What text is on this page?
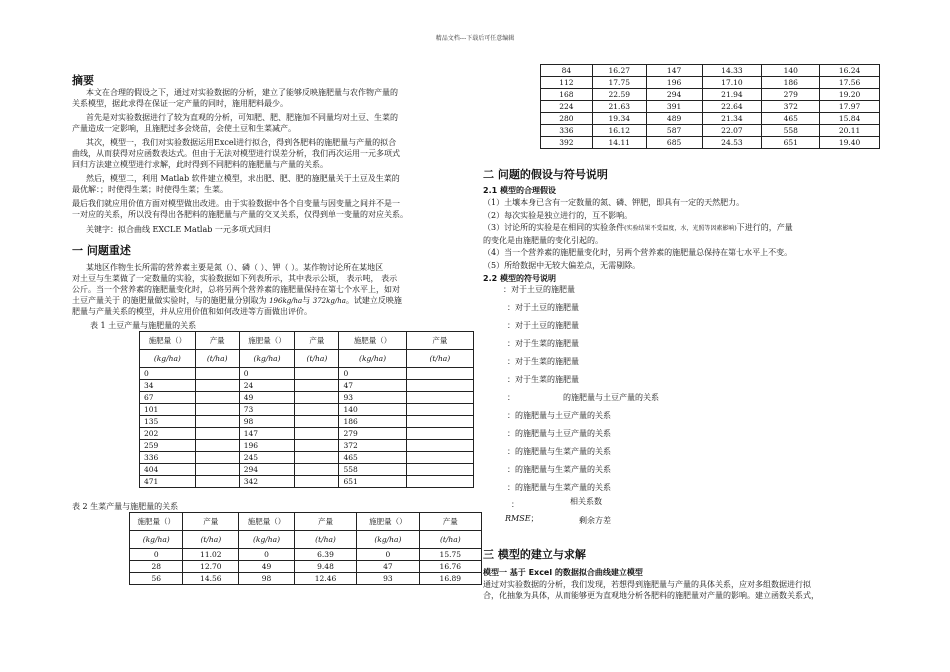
精品文档---下载后可任意编辑
摘要
本文在合理的假设之下，通过对实验数据的分析，建立了能够反映施肥量与农作物产量的
关系模型，据此求得在保证一定产量的同时，施用肥料最少。
首先是对实验数据进行了较为直观的分析，可知肥、肥、肥施加不同量均对土豆、生菜的
产量造成一定影响，且施肥过多会烧苗，会使土豆和生菜减产。
其次，模型一，我们对实验数据运用Excel进行拟合，得到各肥料的施肥量与产量的拟合
曲线，从而获得对应函数表达式。但由于无法对模型进行误差分析，我们再次运用一元多项式
回归方法建立模型进行求解，此时得到不同肥料的施肥量与产量的关系。
然后，模型二，利用 Matlab 软件建立模型，求出肥、肥、肥的施肥量关于土豆及生菜的
最优解：；时使得生菜；时使得生菜；生菜。
最后我们就应用价值方面对模型做出改进。由于实验数据中各个自变量与因变量之间并不是一
一对应的关系，所以没有得出各肥料的施肥量与产量的交叉关系，仅得到单一变量的对应关系。
关键字：拟合曲线 EXCLE Matlab 一元多项式回归
一 问题重述
某地区作物生长所需的营养素主要是氮（）、磷（ ）、钾（ ）。某作物讨论所在某地区
对土豆与生菜做了一定数量的实验，实验数据如下列表所示，其中表示公顷， 表示吨， 表示
公斤。当一个营养素的施肥量变化时，总将另两个营养素的施肥量保持在第七个水平上，如对
土豆产量关于 的施肥量做实验时，与的施肥量分别取为 196kg/ha与 372kg/ha。试建立反映施
肥量与产量关系的模型，并从应用价值和如何改进等方面做出评价。
表 1 土豆产量与施肥量的关系
施肥量（）	产量	施肥量（）	产量	施肥量（）	产量
(kg/ha)	(t/ha)	(kg/ha)	(t/ha)	(kg/ha)	(t/ha)
0		0		0	
34		24		47	
67		49		93	
101		73		140	
135		98		186	
202		147		279	
259		196		372	
336		245		465	
404		294		558	
471		342		651	
表 2 生菜产量与施肥量的关系
施肥量（）	产量	施肥量（）	产量	施肥量（）	产量
(kg/ha)	(t/ha)	(kg/ha)	(t/ha)	(kg/ha)	(t/ha)
0	11.02	0	6.39	0	15.75
28	12.70	49	9.48	47	16.76
56	14.56	98	12.46	93	16.89
84	16.27	147	14.33	140	16.24
112	17.75	196	17.10	186	17.56
168	22.59	294	21.94	279	19.20
224	21.63	391	22.64	372	17.97
280	19.34	489	21.34	465	15.84
336	16.12	587	22.07	558	20.11
392	14.11	685	24.53	651	19.40
二 问题的假设与符号说明
2.1 模型的合理假设
（1）土壤本身已含有一定数量的氮、磷、钾肥，即具有一定的天然肥力。
（2）每次实验是独立进行的，互不影响。
（3）讨论所的实验是在相同的实验条件(实验结果不受温度，水，光照等因素影响)下进行的，产量
的变化是由施肥量的变化引起的。
（4）当一个营养素的施肥量变化时，另两个营养素的施肥量总保持在第七水平上不变。
（5）所给数据中无较大偏差点，无需剔除。
2.2 模型的符号说明
：对于土豆的施肥量
：对于土豆的施肥量
：对于土豆的施肥量
：对于生菜的施肥量
：对于生菜的施肥量
：对于生菜的施肥量
：	的施肥量与土豆产量的关系
：的施肥量与土豆产量的关系
：的施肥量与土豆产量的关系
：的施肥量与生菜产量的关系
：的施肥量与生菜产量的关系
：的施肥量与生菜产量的关系
：	相关系数
RMSE；	剩余方差
三 模型的建立与求解
模型一 基于 Excel 的数据拟合曲线建立模型
通过对实验数据的分析，我们发现，若想得到施肥量与产量的具体关系，应对多组数据进行拟
合，化抽象为具体，从而能够更为直观地分析各肥料的施肥量对产量的影响。建立函数关系式，
